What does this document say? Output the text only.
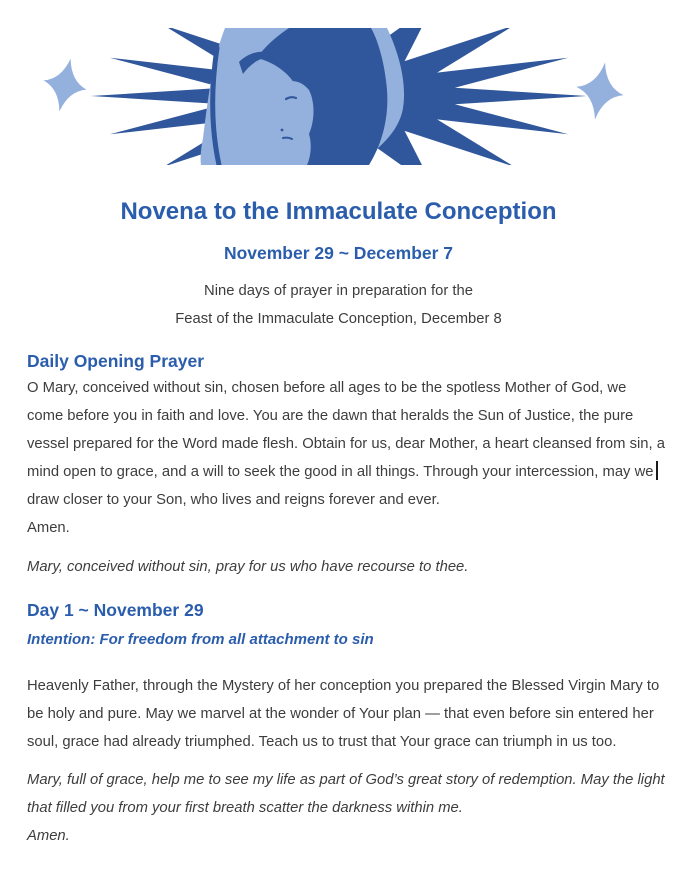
Novena to the Immaculate Conception
November 29 ~ December 7
Nine days of prayer in preparation for the
Feast of the Immaculate Conception, December 8
Daily Opening Prayer
O Mary, conceived without sin, chosen before all ages to be the spotless Mother of God, we
come before you in faith and love. You are the dawn that heralds the Sun of Justice, the pure
vessel prepared for the Word made flesh. Obtain for us, dear Mother, a heart cleansed from sin, a
mind open to grace, and a will to seek the good in all things. Through your intercession, may we
draw closer to your Son, who lives and reigns forever and ever.
Amen.
Mary, conceived without sin, pray for us who have recourse to thee.
Day 1 ~ November 29
Intention: For freedom from all attachment to sin
Heavenly Father, through the Mystery of her conception you prepared the Blessed Virgin Mary to
be holy and pure. May we marvel at the wonder of Your plan — that even before sin entered her
soul, grace had already triumphed. Teach us to trust that Your grace can triumph in us too.
Mary, full of grace, help me to see my life as part of God’s great story of redemption. May the light
that filled you from your first breath scatter the darkness within me.
Amen.
